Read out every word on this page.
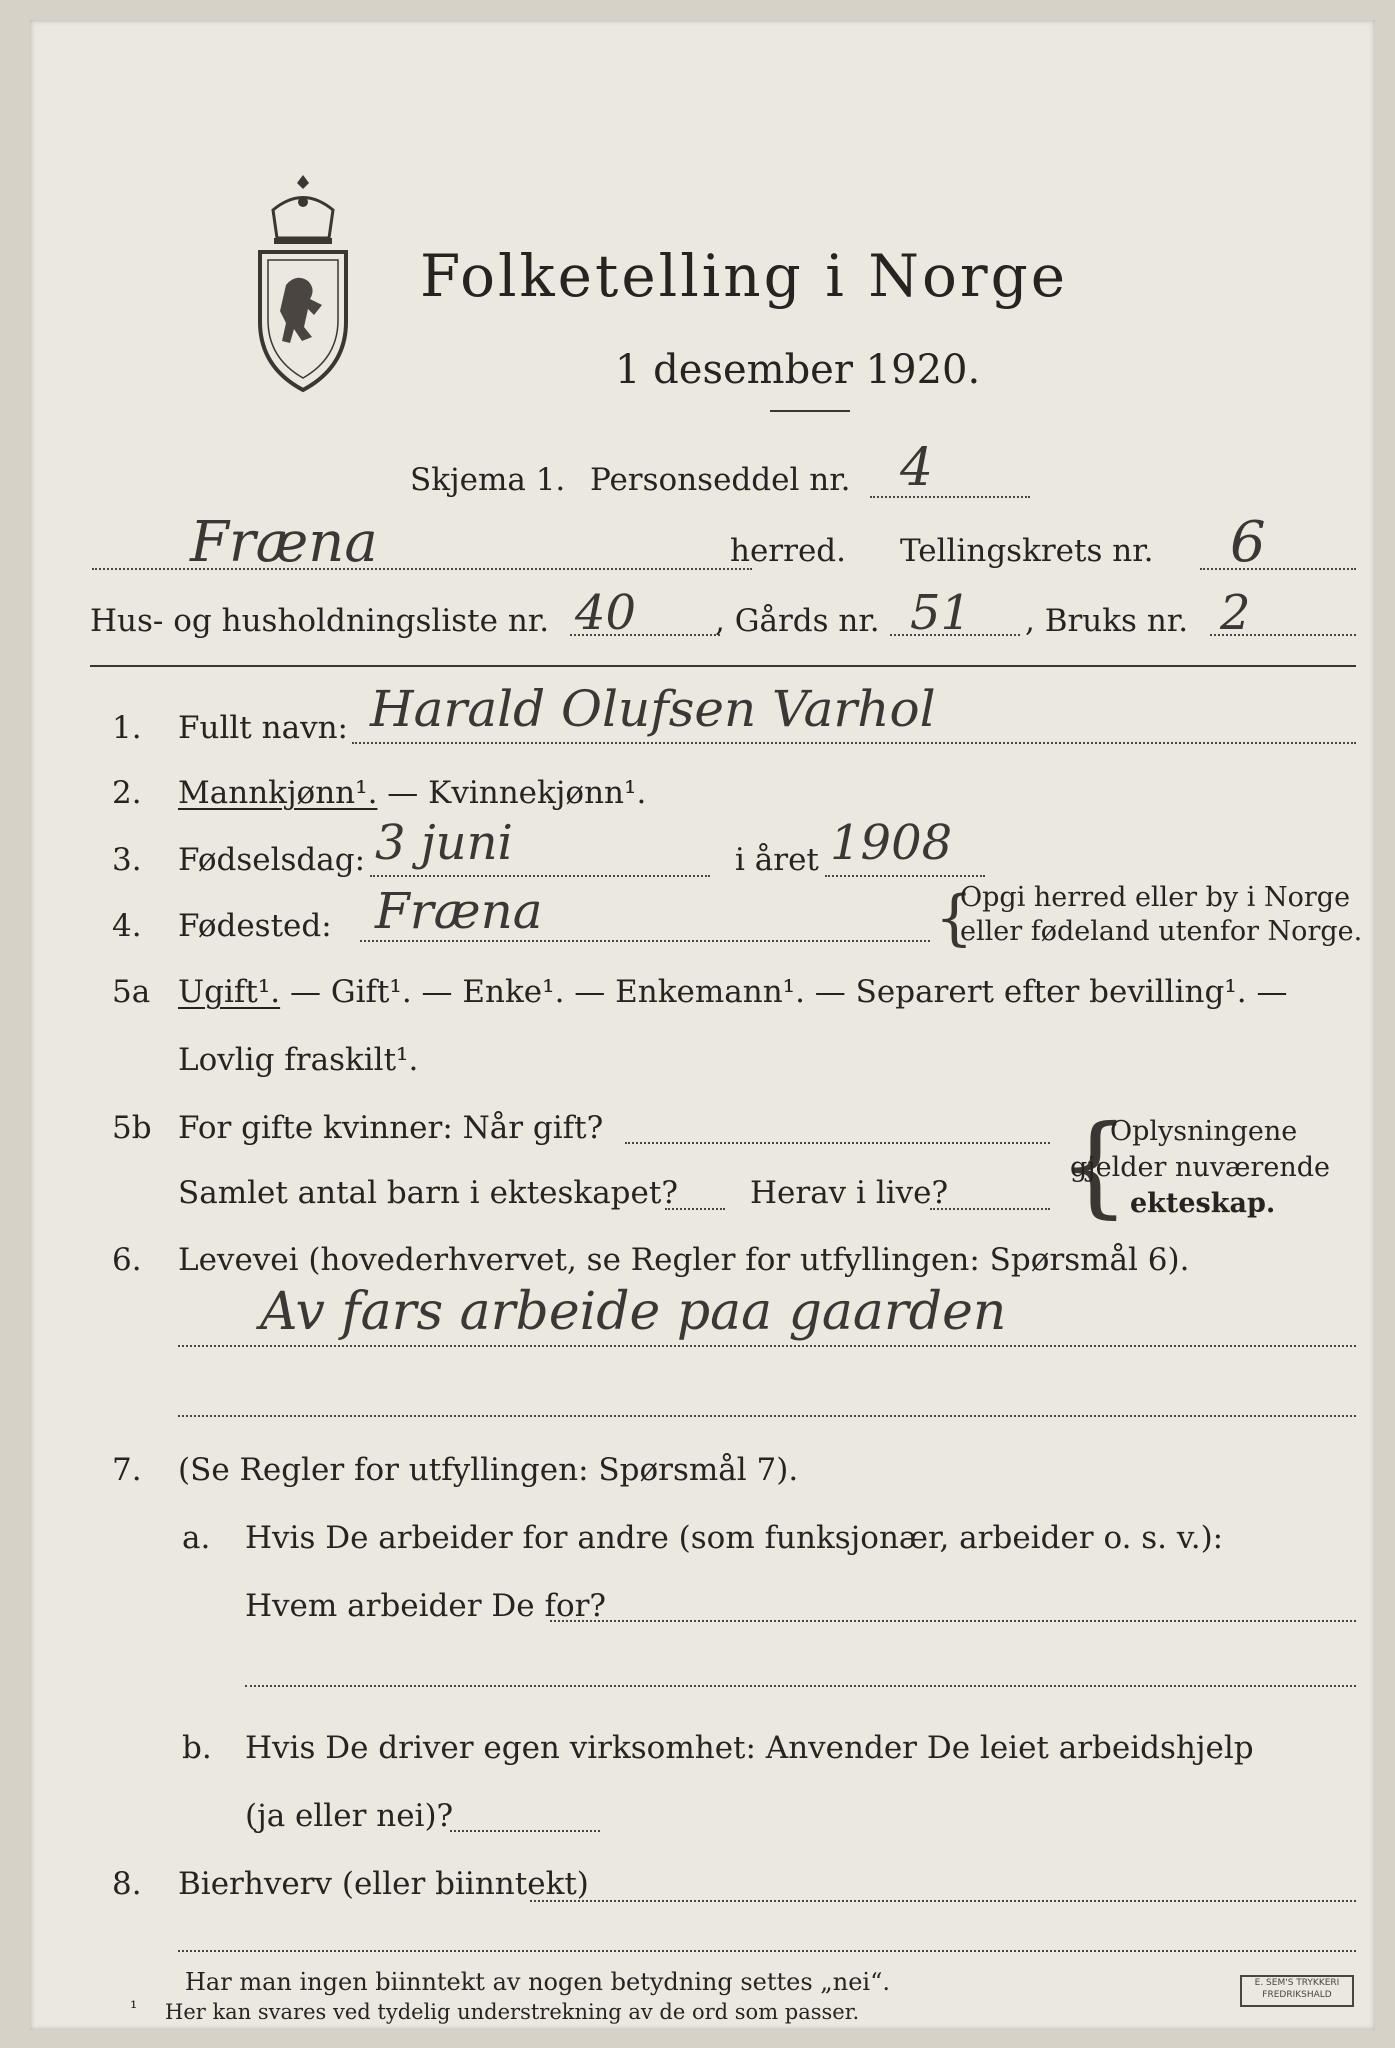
Folketelling i Norge
1 desember 1920.
Skjema 1. Personseddel nr. 4
Fræna	herred. Tellingskrets nr. 6
Hus- og husholdningsliste nr. 40	, Gårds nr. 51 , Bruks nr. 2
1. Fullt navn: Harald Olufsen Varhol
2. Mannkjønn¹. — Kvinnekjønn¹.
3. Fødselsdag: 3 juni	i året 1908
4. Fødested: Fræna	{
Opgi herred eller by i Norge
eller fødeland utenfor Norge.
5a Ugift¹. — Gift¹. — Enke¹. — Enkemann¹. — Separert efter bevilling¹. —
Lovlig fraskilt¹.
5b For gifte kvinner: Når gift?
Samlet antal barn i ekteskapet? Herav i live? {
Oplysningene
gjelder nuværende
ekteskap.
6. Levevei (hovederhvervet, se Regler for utfyllingen: Spørsmål 6).
Av fars arbeide paa gaarden
7. (Se Regler for utfyllingen: Spørsmål 7).
a. Hvis De arbeider for andre (som funksjonær, arbeider o. s. v.):
Hvem arbeider De for?
b. Hvis De driver egen virksomhet: Anvender De leiet arbeidshjelp
(ja eller nei)?
8. Bierhverv (eller biinntekt)
Har man ingen biinntekt av nogen betydning settes „nei“.
¹ Her kan svares ved tydelig understrekning av de ord som passer.
E. SEM'S TRYKKERI
FREDRIKSHALD
